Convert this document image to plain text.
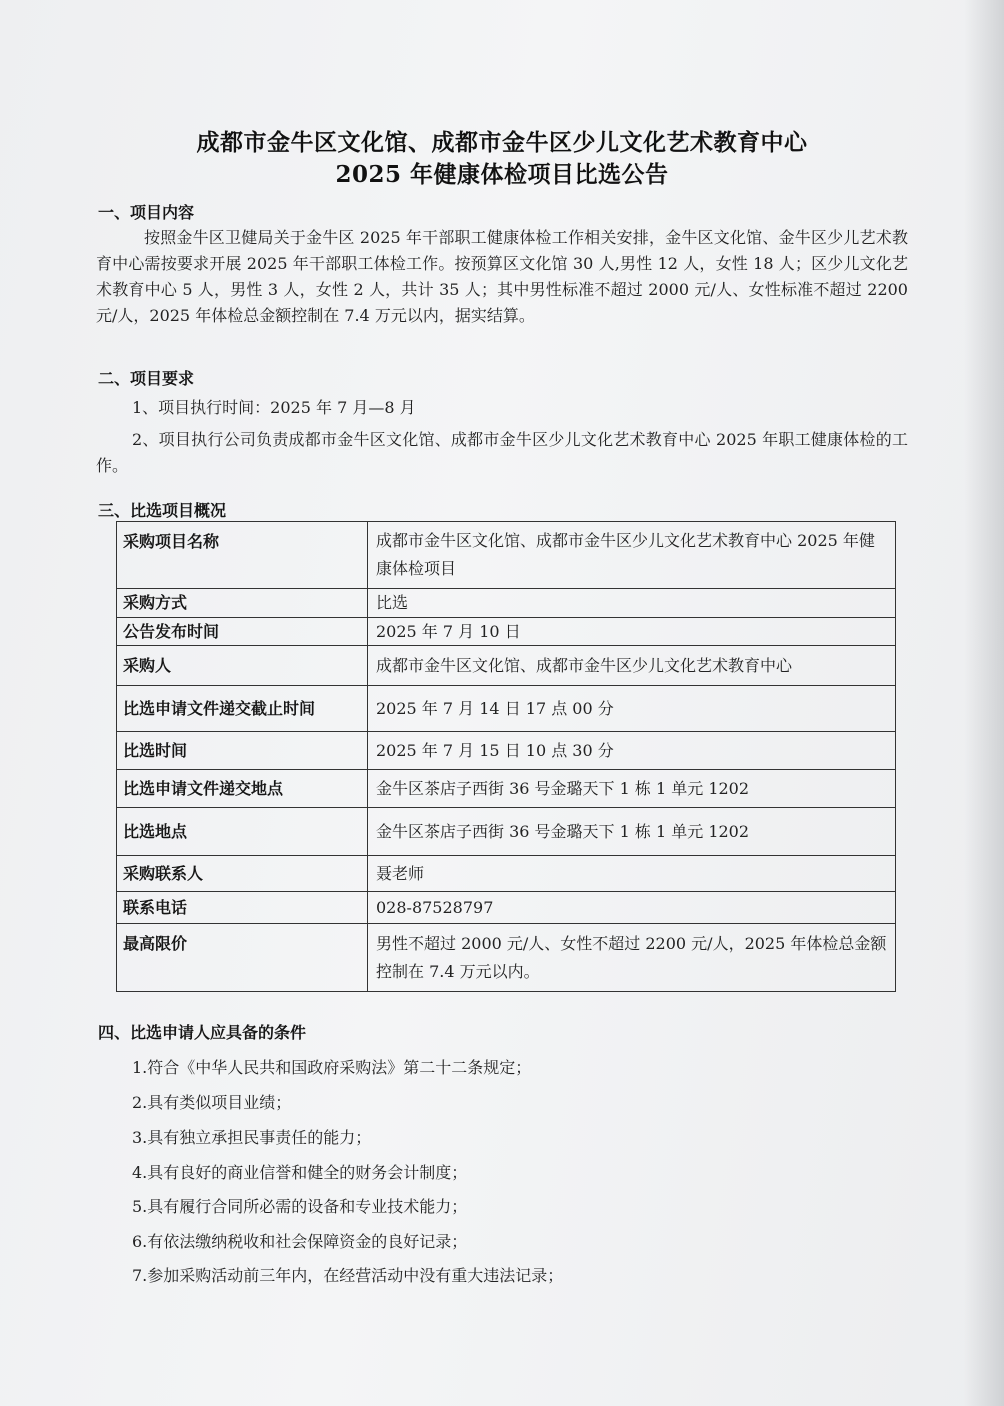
成都市金牛区文化馆、成都市金牛区少儿文化艺术教育中心
2025 年健康体检项目比选公告
一、项目内容
按照金牛区卫健局关于金牛区 2025 年干部职工健康体检工作相关安排，金牛区文化馆、金牛区少儿艺术教育中心需按要求开展 2025 年干部职工体检工作。按预算区文化馆 30 人,男性 12 人，女性 18 人；区少儿文化艺术教育中心 5 人，男性 3 人，女性 2 人，共计 35 人；其中男性标准不超过 2000 元/人、女性标准不超过 2200 元/人，2025 年体检总金额控制在 7.4 万元以内，据实结算。
二、项目要求
1、项目执行时间：2025 年 7 月—8 月
2、项目执行公司负责成都市金牛区文化馆、成都市金牛区少儿文化艺术教育中心 2025 年职工健康体检的工作。
三、比选项目概况
采购项目名称	成都市金牛区文化馆、成都市金牛区少儿文化艺术教育中心 2025 年健康体检项目
采购方式	比选
公告发布时间	2025 年 7 月 10 日
采购人	成都市金牛区文化馆、成都市金牛区少儿文化艺术教育中心
比选申请文件递交截止时间	2025 年 7 月 14 日 17 点 00 分
比选时间	2025 年 7 月 15 日 10 点 30 分
比选申请文件递交地点	金牛区茶店子西街 36 号金璐天下 1 栋 1 单元 1202
比选地点	金牛区茶店子西街 36 号金璐天下 1 栋 1 单元 1202
采购联系人	聂老师
联系电话	028-87528797
最高限价	男性不超过 2000 元/人、女性不超过 2200 元/人，2025 年体检总金额控制在 7.4 万元以内。
四、比选申请人应具备的条件
1.符合《中华人民共和国政府采购法》第二十二条规定；
2.具有类似项目业绩；
3.具有独立承担民事责任的能力；
4.具有良好的商业信誉和健全的财务会计制度；
5.具有履行合同所必需的设备和专业技术能力；
6.有依法缴纳税收和社会保障资金的良好记录；
7.参加采购活动前三年内，在经营活动中没有重大违法记录；
